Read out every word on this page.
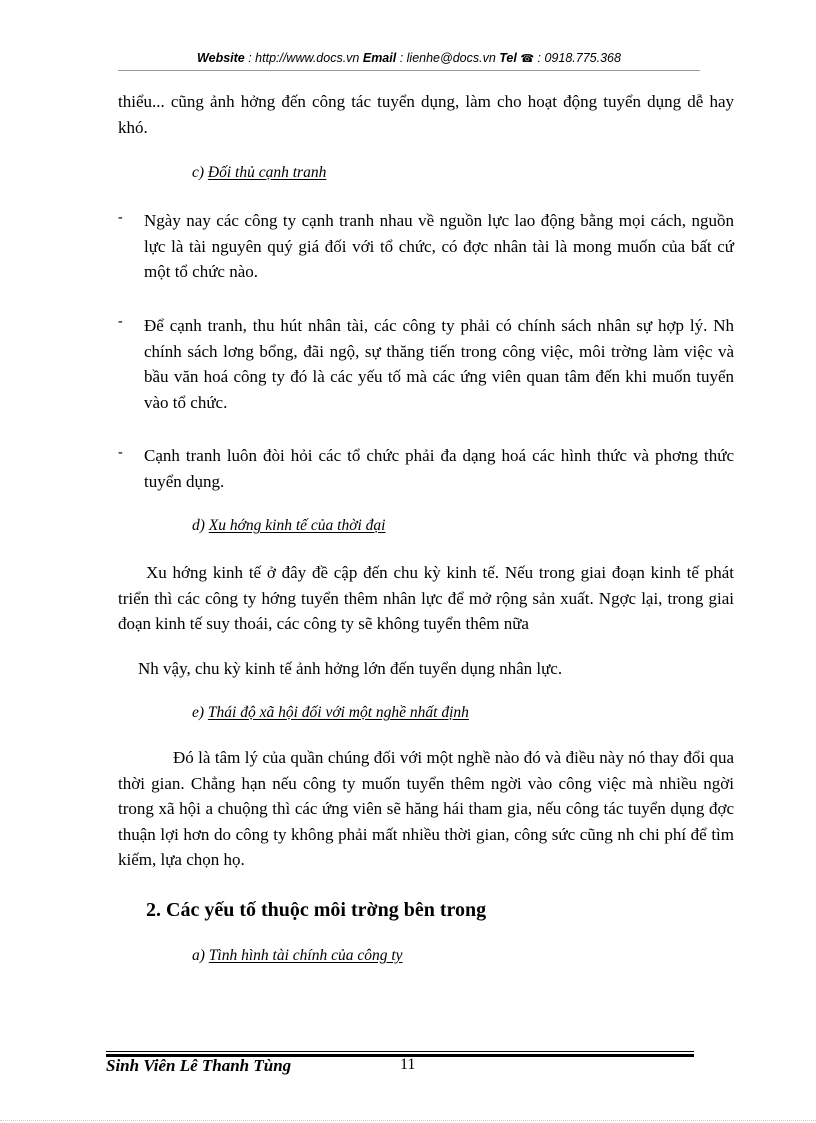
Website : http://www.docs.vn Email : lienhe@docs.vn Tel ☎ : 0918.775.368

thiểu... cũng ảnh hởng đến công tác tuyển dụng, làm cho hoạt động tuyển dụng dễ hay khó.

c) Đối thủ cạnh tranh

- Ngày nay các công ty cạnh tranh nhau về nguồn lực lao động bằng mọi cách, nguồn lực là tài nguyên quý giá đối với tổ chức, có đợc nhân tài là mong muốn của bất cứ một tổ chức nào.

- Để cạnh tranh, thu hút nhân tài, các công ty phải có chính sách nhân sự hợp lý. Nh chính sách lơng bổng, đãi ngộ, sự thăng tiến trong công việc, môi trờng làm việc và bầu văn hoá công ty đó là các yếu tố mà các ứng viên quan tâm đến khi muốn tuyển vào tổ chức.

- Cạnh tranh luôn đòi hỏi các tổ chức phải đa dạng hoá các hình thức và phơng thức tuyển dụng.

d) Xu hớng kinh tế của thời đại

Xu hớng kinh tế ở đây đề cập đến chu kỳ kinh tế. Nếu trong giai đoạn kinh tế phát triển thì các công ty hớng tuyển thêm nhân lực để mở rộng sản xuất. Ngợc lại, trong giai đoạn kinh tế suy thoái, các công ty sẽ không tuyển thêm nữa

Nh vậy, chu kỳ kinh tế ảnh hởng lớn đến tuyển dụng nhân lực.

e) Thái độ xã hội đối với một nghề nhất định

Đó là tâm lý của quần chúng đối với một nghề nào đó và điều này nó thay đổi qua thời gian. Chẳng hạn nếu công ty muốn tuyển thêm ngời vào công việc mà nhiều ngời trong xã hội a chuộng thì các ứng viên sẽ hăng hái tham gia, nếu công tác tuyển dụng đợc thuận lợi hơn do công ty không phải mất nhiều thời gian, công sức cũng nh chi phí để tìm kiếm, lựa chọn họ.

2. Các yếu tố thuộc môi trờng bên trong

a) Tình hình tài chính của công ty

Sinh Viên Lê Thanh Tùng	11
